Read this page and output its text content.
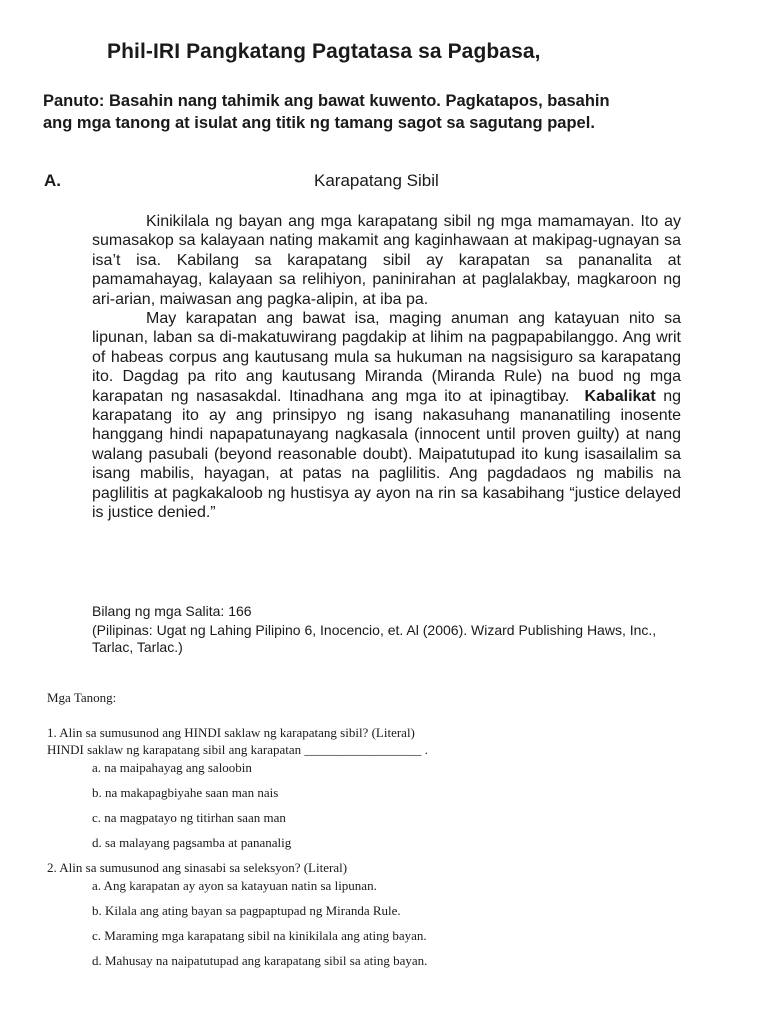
Phil-IRI Pangkatang Pagtatasa sa Pagbasa,
Panuto: Basahin nang tahimik ang bawat kuwento. Pagkatapos, basahin
ang mga tanong at isulat ang titik ng tamang sagot sa sagutang papel.
A.	Karapatang Sibil

Kinikilala ng bayan ang mga karapatang sibil ng mga mamamayan. Ito ay sumasakop sa kalayaan nating makamit ang kaginhawaan at makipag-ugnayan sa isa’t isa. Kabilang sa karapatang sibil ay karapatan sa pananalita at pamamahayag, kalayaan sa relihiyon, paninirahan at paglalakbay, magkaroon ng ari-arian, maiwasan ang pagka-alipin, at iba pa.

May karapatan ang bawat isa, maging anuman ang katayuan nito sa lipunan, laban sa di-makatuwirang pagdakip at lihim na pagpapabilanggo. Ang writ of habeas corpus ang kautusang mula sa hukuman na nagsisiguro sa karapatang ito. Dagdag pa rito ang kautusang Miranda (Miranda Rule) na buod ng mga karapatan ng nasasakdal. Itinadhana ang mga ito at ipinagtibay. Kabalikat ng karapatang ito ay ang prinsipyo ng isang nakasuhang mananatiling inosente hanggang hindi napapatunayang nagkasala (innocent until proven guilty) at nang walang pasubali (beyond reasonable doubt). Maipatutupad ito kung isasailalim sa isang mabilis, hayagan, at patas na paglilitis. Ang pagdadaos ng mabilis na paglilitis at pagkakaloob ng hustisya ay ayon na rin sa kasabihang “justice delayed is justice denied.”

Bilang ng mga Salita: 166
(Pilipinas: Ugat ng Lahing Pilipino 6, Inocencio, et. Al (2006). Wizard Publishing Haws, Inc., Tarlac, Tarlac.)
Mga Tanong:
1. Alin sa sumusunod ang HINDI saklaw ng karapatang sibil? (Literal)
HINDI saklaw ng karapatang sibil ang karapatan __________________ .
a. na maipahayag ang saloobin
b. na makapagbiyahe saan man nais
c. na magpatayo ng titirhan saan man
d. sa malayang pagsamba at pananalig
2. Alin sa sumusunod ang sinasabi sa seleksyon? (Literal)
a. Ang karapatan ay ayon sa katayuan natin sa lipunan.
b. Kilala ang ating bayan sa pagpaptupad ng Miranda Rule.
c. Maraming mga karapatang sibil na kinikilala ang ating bayan.
d. Mahusay na naipatutupad ang karapatang sibil sa ating bayan.
